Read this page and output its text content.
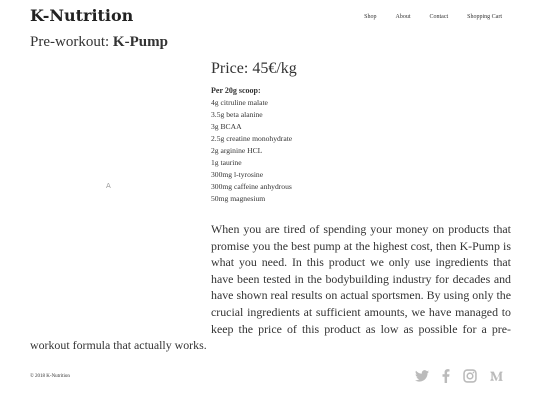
K-Nutrition	Shop	About	Contact	Shopping Cart
Pre-workout: K-Pump
A
Price: 45€/kg
Per 20g scoop:
4g citruline malate
3.5g beta alanine
3g BCAA
2.5g creatine monohydrate
2g arginine HCL
1g taurine
300mg l-tyrosine
300mg caffeine anhydrous
50mg magnesium
When you are tired of spending your money on products that promise you the best pump at the highest cost, then K-Pump is what you need. In this product we only use ingredients that have been tested in the bodybuilding industry for decades and have shown real results on actual sportsmen. By using only the crucial ingredients at sufficient amounts, we have managed to keep the price of this product as low as possible for a pre-workout formula that actually works.
© 2018 K-Nutrition
